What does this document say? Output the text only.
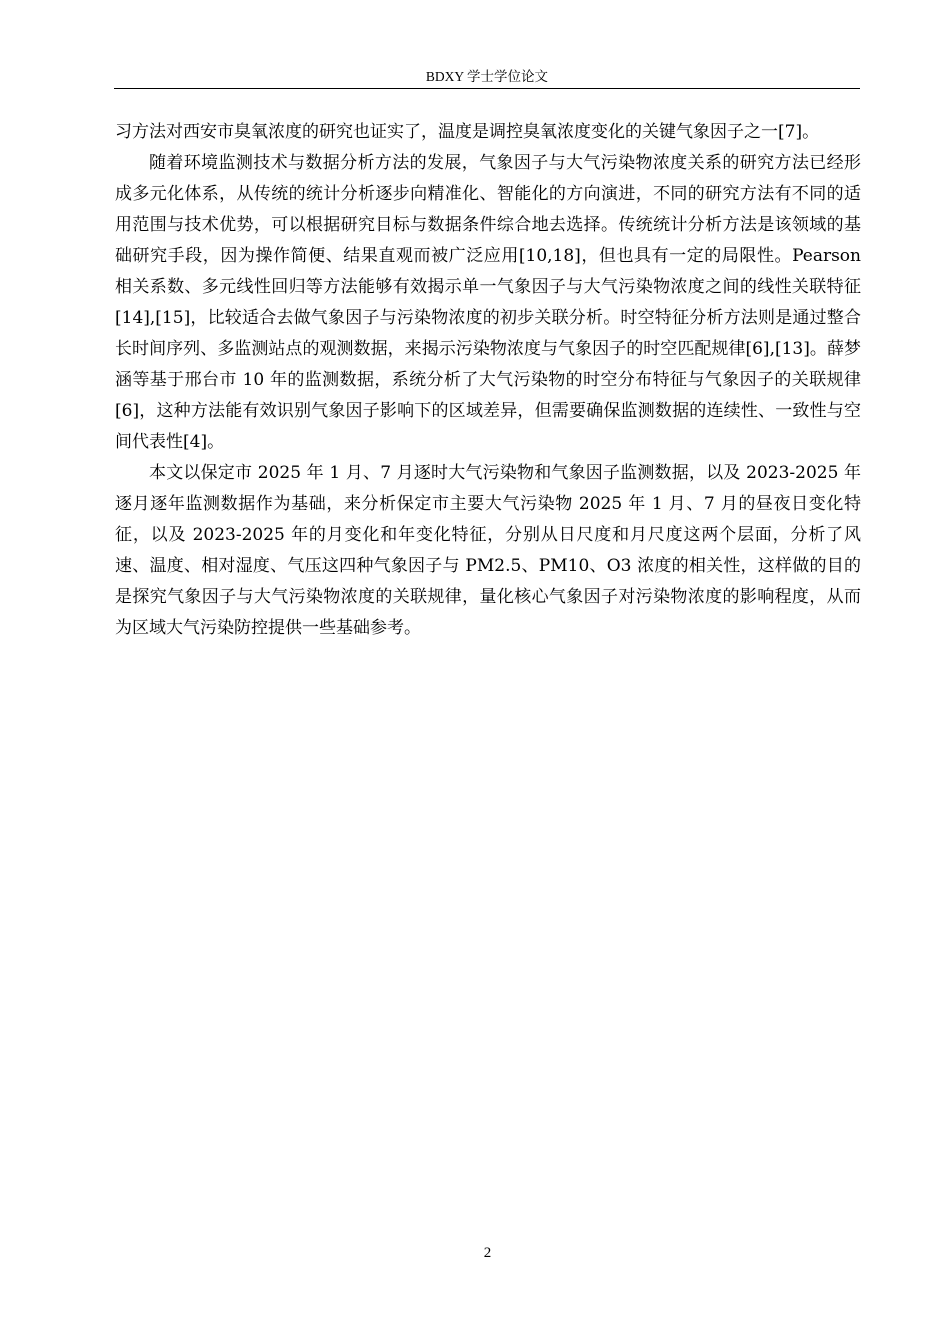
BDXY 学士学位论文

习方法对西安市臭氧浓度的研究也证实了，温度是调控臭氧浓度变化的关键气象因子之一[7]。

随着环境监测技术与数据分析方法的发展，气象因子与大气污染物浓度关系的研究方法已经形成多元化体系，从传统的统计分析逐步向精准化、智能化的方向演进，不同的研究方法有不同的适用范围与技术优势，可以根据研究目标与数据条件综合地去选择。传统统计分析方法是该领域的基础研究手段，因为操作简便、结果直观而被广泛应用[10,18]，但也具有一定的局限性。Pearson 相关系数、多元线性回归等方法能够有效揭示单一气象因子与大气污染物浓度之间的线性关联特征[14],[15]，比较适合去做气象因子与污染物浓度的初步关联分析。时空特征分析方法则是通过整合长时间序列、多监测站点的观测数据，来揭示污染物浓度与气象因子的时空匹配规律[6],[13]。薛梦涵等基于邢台市 10 年的监测数据，系统分析了大气污染物的时空分布特征与气象因子的关联规律[6]，这种方法能有效识别气象因子影响下的区域差异，但需要确保监测数据的连续性、一致性与空间代表性[4]。

本文以保定市 2025 年 1 月、7 月逐时大气污染物和气象因子监测数据，以及 2023-2025 年逐月逐年监测数据作为基础，来分析保定市主要大气污染物 2025 年 1 月、7 月的昼夜日变化特征，以及 2023-2025 年的月变化和年变化特征，分别从日尺度和月尺度这两个层面，分析了风速、温度、相对湿度、气压这四种气象因子与 PM2.5、PM10、O3 浓度的相关性，这样做的目的是探究气象因子与大气污染物浓度的关联规律，量化核心气象因子对污染物浓度的影响程度，从而为区域大气污染防控提供一些基础参考。

2
